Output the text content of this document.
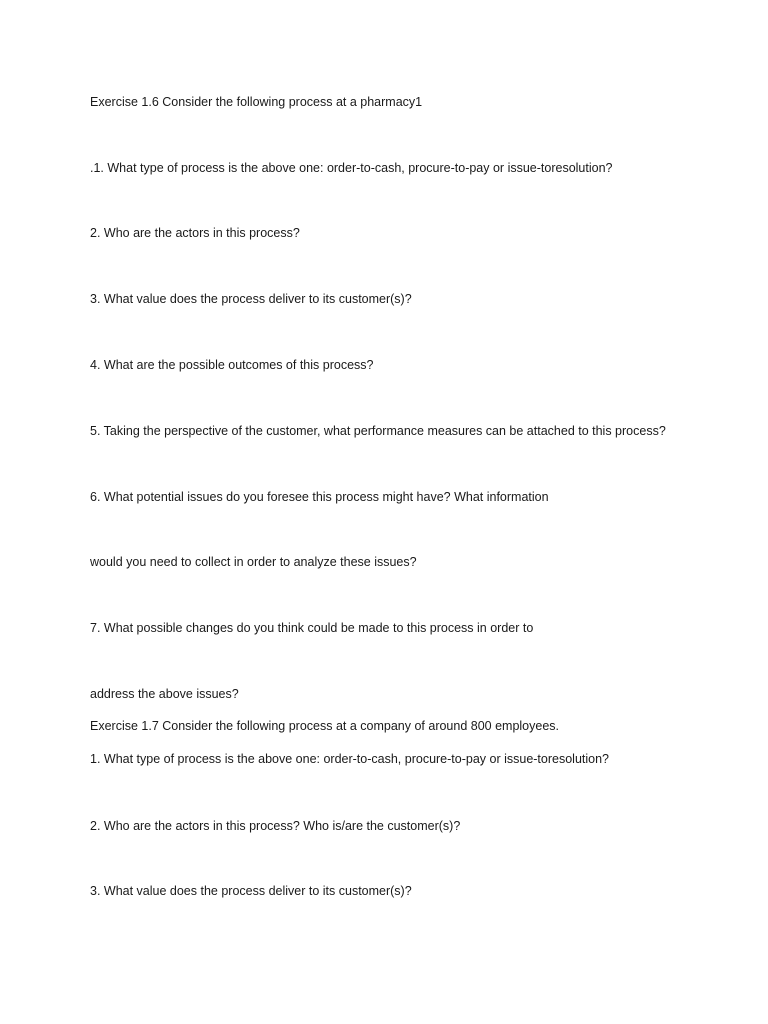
Exercise 1.6 Consider the following process at a pharmacy1
.1. What type of process is the above one: order-to-cash, procure-to-pay or issue-toresolution?
2. Who are the actors in this process?
3. What value does the process deliver to its customer(s)?
4. What are the possible outcomes of this process?
5. Taking the perspective of the customer, what performance measures can be attached to this process?
6. What potential issues do you foresee this process might have? What information
would you need to collect in order to analyze these issues?
7. What possible changes do you think could be made to this process in order to
address the above issues?
Exercise 1.7 Consider the following process at a company of around 800 employees.
1. What type of process is the above one: order-to-cash, procure-to-pay or issue-toresolution?
2. Who are the actors in this process? Who is/are the customer(s)?
3. What value does the process deliver to its customer(s)?
